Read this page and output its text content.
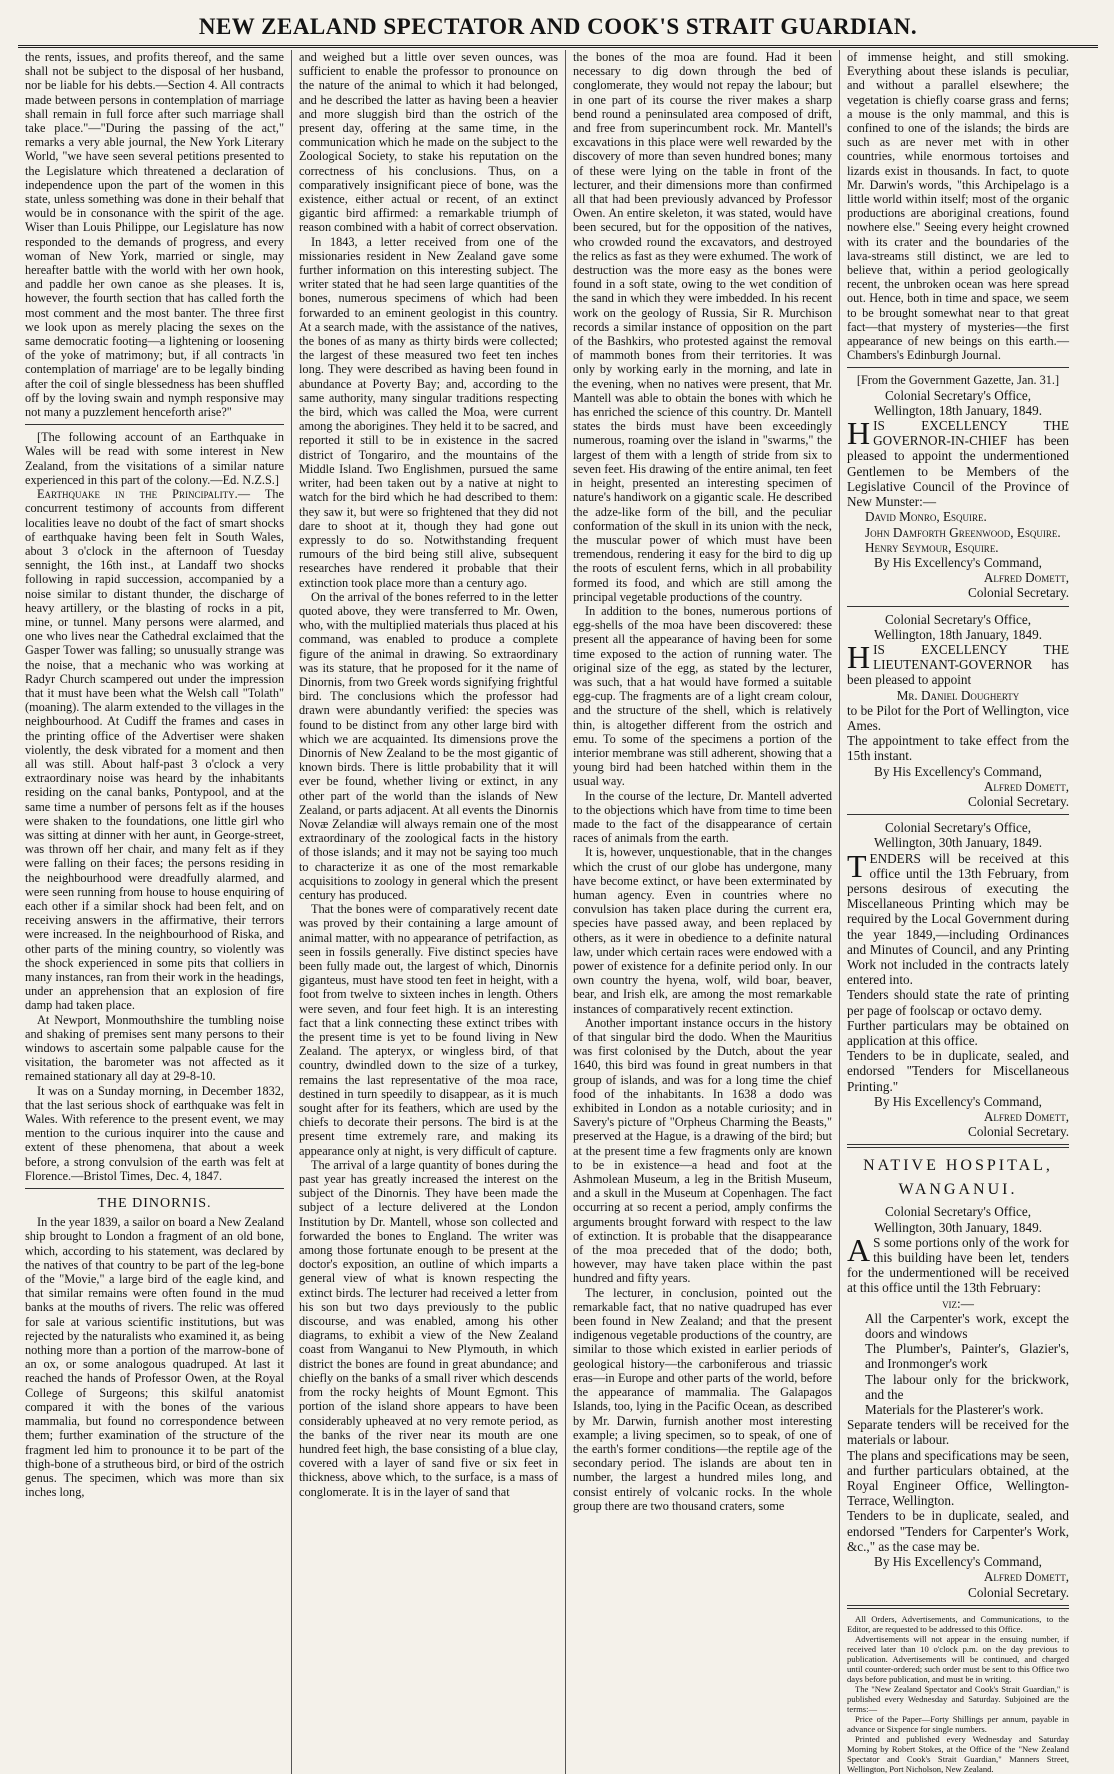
NEW ZEALAND SPECTATOR AND COOK'S STRAIT GUARDIAN.

the rents, issues, and profits thereof, and the same shall not be subject to the disposal of her husband, nor be liable for his debts.—Section 4. All contracts made between persons in contemplation of marriage shall remain in full force after such marriage shall take place."—"During the passing of the act," remarks a very able journal, the New York Literary World, "we have seen several petitions presented to the Legislature which threatened a declaration of independence upon the part of the women in this state, unless something was done in their behalf that would be in consonance with the spirit of the age. Wiser than Louis Philippe, our Legislature has now responded to the demands of progress, and every woman of New York, married or single, may hereafter battle with the world with her own hook, and paddle her own canoe as she pleases. It is, however, the fourth section that has called forth the most comment and the most banter. The three first we look upon as merely placing the sexes on the same democratic footing—a lightening or loosening of the yoke of matrimony; but, if all contracts 'in contemplation of marriage' are to be legally binding after the coil of single blessedness has been shuffled off by the loving swain and nymph responsive may not many a puzzlement henceforth arise?"

[The following account of an Earthquake in Wales will be read with some interest in New Zealand, from the visitations of a similar nature experienced in this part of the colony.—Ed. N.Z.S.]

Earthquake in the Principality.— The concurrent testimony of accounts from different localities leave no doubt of the fact of smart shocks of earthquake having been felt in South Wales, about 3 o'clock in the afternoon of Tuesday sennight, the 16th inst., at Landaff two shocks following in rapid succession, accompanied by a noise similar to distant thunder, the discharge of heavy artillery, or the blasting of rocks in a pit, mine, or tunnel. Many persons were alarmed, and one who lives near the Cathedral exclaimed that the Gasper Tower was falling; so unusually strange was the noise, that a mechanic who was working at Radyr Church scampered out under the impression that it must have been what the Welsh call "Tolath" (moaning). The alarm extended to the villages in the neighbourhood. At Cudiff the frames and cases in the printing office of the Advertiser were shaken violently, the desk vibrated for a moment and then all was still. About half-past 3 o'clock a very extraordinary noise was heard by the inhabitants residing on the canal banks, Pontypool, and at the same time a number of persons felt as if the houses were shaken to the foundations, one little girl who was sitting at dinner with her aunt, in George-street, was thrown off her chair, and many felt as if they were falling on their faces; the persons residing in the neighbourhood were dreadfully alarmed, and were seen running from house to house enquiring of each other if a similar shock had been felt, and on receiving answers in the affirmative, their terrors were increased. In the neighbourhood of Riska, and other parts of the mining country, so violently was the shock experienced in some pits that colliers in many instances, ran from their work in the headings, under an apprehension that an explosion of fire damp had taken place.

At Newport, Monmouthshire the tumbling noise and shaking of premises sent many persons to their windows to ascertain some palpable cause for the visitation, the barometer was not affected as it remained stationary all day at 29-8-10.

It was on a Sunday morning, in December 1832, that the last serious shock of earthquake was felt in Wales. With reference to the present event, we may mention to the curious inquirer into the cause and extent of these phenomena, that about a week before, a strong convulsion of the earth was felt at Florence.—Bristol Times, Dec. 4, 1847.

THE DINORNIS.

In the year 1839, a sailor on board a New Zealand ship brought to London a fragment of an old bone, which, according to his statement, was declared by the natives of that country to be part of the leg-bone of the "Movie," a large bird of the eagle kind, and that similar remains were often found in the mud banks at the mouths of rivers. The relic was offered for sale at various scientific institutions, but was rejected by the naturalists who examined it, as being nothing more than a portion of the marrow-bone of an ox, or some analogous quadruped. At last it reached the hands of Professor Owen, at the Royal College of Surgeons; this skilful anatomist compared it with the bones of the various mammalia, but found no correspondence between them; further examination of the structure of the fragment led him to pronounce it to be part of the thigh-bone of a strutheous bird, or bird of the ostrich genus. The specimen, which was more than six inches long,

and weighed but a little over seven ounces, was sufficient to enable the professor to pronounce on the nature of the animal to which it had belonged, and he described the latter as having been a heavier and more sluggish bird than the ostrich of the present day, offering at the same time, in the communication which he made on the subject to the Zoological Society, to stake his reputation on the correctness of his conclusions. Thus, on a comparatively insignificant piece of bone, was the existence, either actual or recent, of an extinct gigantic bird affirmed: a remarkable triumph of reason combined with a habit of correct observation.

In 1843, a letter received from one of the missionaries resident in New Zealand gave some further information on this interesting subject. The writer stated that he had seen large quantities of the bones, numerous specimens of which had been forwarded to an eminent geologist in this country. At a search made, with the assistance of the natives, the bones of as many as thirty birds were collected; the largest of these measured two feet ten inches long. They were described as having been found in abundance at Poverty Bay; and, according to the same authority, many singular traditions respecting the bird, which was called the Moa, were current among the aborigines. They held it to be sacred, and reported it still to be in existence in the sacred district of Tongariro, and the mountains of the Middle Island. Two Englishmen, pursued the same writer, had been taken out by a native at night to watch for the bird which he had described to them: they saw it, but were so frightened that they did not dare to shoot at it, though they had gone out expressly to do so. Notwithstanding frequent rumours of the bird being still alive, subsequent researches have rendered it probable that their extinction took place more than a century ago.

On the arrival of the bones referred to in the letter quoted above, they were transferred to Mr. Owen, who, with the multiplied materials thus placed at his command, was enabled to produce a complete figure of the animal in drawing. So extraordinary was its stature, that he proposed for it the name of Dinornis, from two Greek words signifying frightful bird. The conclusions which the professor had drawn were abundantly verified: the species was found to be distinct from any other large bird with which we are acquainted. Its dimensions prove the Dinornis of New Zealand to be the most gigantic of known birds. There is little probability that it will ever be found, whether living or extinct, in any other part of the world than the islands of New Zealand, or parts adjacent. At all events the Dinornis Novæ Zelandiæ will always remain one of the most extraordinary of the zoological facts in the history of those islands; and it may not be saying too much to characterize it as one of the most remarkable acquisitions to zoology in general which the present century has produced.

That the bones were of comparatively recent date was proved by their containing a large amount of animal matter, with no appearance of petrifaction, as seen in fossils generally. Five distinct species have been fully made out, the largest of which, Dinornis giganteus, must have stood ten feet in height, with a foot from twelve to sixteen inches in length. Others were seven, and four feet high. It is an interesting fact that a link connecting these extinct tribes with the present time is yet to be found living in New Zealand. The apteryx, or wingless bird, of that country, dwindled down to the size of a turkey, remains the last representative of the moa race, destined in turn speedily to disappear, as it is much sought after for its feathers, which are used by the chiefs to decorate their persons. The bird is at the present time extremely rare, and making its appearance only at night, is very difficult of capture.

The arrival of a large quantity of bones during the past year has greatly increased the interest on the subject of the Dinornis. They have been made the subject of a lecture delivered at the London Institution by Dr. Mantell, whose son collected and forwarded the bones to England. The writer was among those fortunate enough to be present at the doctor's exposition, an outline of which imparts a general view of what is known respecting the extinct birds. The lecturer had received a letter from his son but two days previously to the public discourse, and was enabled, among his other diagrams, to exhibit a view of the New Zealand coast from Wanganui to New Plymouth, in which district the bones are found in great abundance; and chiefly on the banks of a small river which descends from the rocky heights of Mount Egmont. This portion of the island shore appears to have been considerably upheaved at no very remote period, as the banks of the river near its mouth are one hundred feet high, the base consisting of a blue clay, covered with a layer of sand five or six feet in thickness, above which, to the surface, is a mass of conglomerate. It is in the layer of sand that

the bones of the moa are found. Had it been necessary to dig down through the bed of conglomerate, they would not repay the labour; but in one part of its course the river makes a sharp bend round a peninsulated area composed of drift, and free from superincumbent rock. Mr. Mantell's excavations in this place were well rewarded by the discovery of more than seven hundred bones; many of these were lying on the table in front of the lecturer, and their dimensions more than confirmed all that had been previously advanced by Professor Owen. An entire skeleton, it was stated, would have been secured, but for the opposition of the natives, who crowded round the excavators, and destroyed the relics as fast as they were exhumed. The work of destruction was the more easy as the bones were found in a soft state, owing to the wet condition of the sand in which they were imbedded. In his recent work on the geology of Russia, Sir R. Murchison records a similar instance of opposition on the part of the Bashkirs, who protested against the removal of mammoth bones from their territories. It was only by working early in the morning, and late in the evening, when no natives were present, that Mr. Mantell was able to obtain the bones with which he has enriched the science of this country. Dr. Mantell states the birds must have been exceedingly numerous, roaming over the island in "swarms," the largest of them with a length of stride from six to seven feet. His drawing of the entire animal, ten feet in height, presented an interesting specimen of nature's handiwork on a gigantic scale. He described the adze-like form of the bill, and the peculiar conformation of the skull in its union with the neck, the muscular power of which must have been tremendous, rendering it easy for the bird to dig up the roots of esculent ferns, which in all probability formed its food, and which are still among the principal vegetable productions of the country.

In addition to the bones, numerous portions of egg-shells of the moa have been discovered: these present all the appearance of having been for some time exposed to the action of running water. The original size of the egg, as stated by the lecturer, was such, that a hat would have formed a suitable egg-cup. The fragments are of a light cream colour, and the structure of the shell, which is relatively thin, is altogether different from the ostrich and emu. To some of the specimens a portion of the interior membrane was still adherent, showing that a young bird had been hatched within them in the usual way.

In the course of the lecture, Dr. Mantell adverted to the objections which have from time to time been made to the fact of the disappearance of certain races of animals from the earth.

It is, however, unquestionable, that in the changes which the crust of our globe has undergone, many have become extinct, or have been exterminated by human agency. Even in countries where no convulsion has taken place during the current era, species have passed away, and been replaced by others, as it were in obedience to a definite natural law, under which certain races were endowed with a power of existence for a definite period only. In our own country the hyena, wolf, wild boar, beaver, bear, and Irish elk, are among the most remarkable instances of comparatively recent extinction.

Another important instance occurs in the history of that singular bird the dodo. When the Mauritius was first colonised by the Dutch, about the year 1640, this bird was found in great numbers in that group of islands, and was for a long time the chief food of the inhabitants. In 1638 a dodo was exhibited in London as a notable curiosity; and in Savery's picture of "Orpheus Charming the Beasts," preserved at the Hague, is a drawing of the bird; but at the present time a few fragments only are known to be in existence—a head and foot at the Ashmolean Museum, a leg in the British Museum, and a skull in the Museum at Copenhagen. The fact occurring at so recent a period, amply confirms the arguments brought forward with respect to the law of extinction. It is probable that the disappearance of the moa preceded that of the dodo; both, however, may have taken place within the past hundred and fifty years.

The lecturer, in conclusion, pointed out the remarkable fact, that no native quadruped has ever been found in New Zealand; and that the present indigenous vegetable productions of the country, are similar to those which existed in earlier periods of geological history—the carboniferous and triassic eras—in Europe and other parts of the world, before the appearance of mammalia. The Galapagos Islands, too, lying in the Pacific Ocean, as described by Mr. Darwin, furnish another most interesting example; a living specimen, so to speak, of one of the earth's former conditions—the reptile age of the secondary period. The islands are about ten in number, the largest a hundred miles long, and consist entirely of volcanic rocks. In the whole group there are two thousand craters, some

of immense height, and still smoking. Everything about these islands is peculiar, and without a parallel elsewhere; the vegetation is chiefly coarse grass and ferns; a mouse is the only mammal, and this is confined to one of the islands; the birds are such as are never met with in other countries, while enormous tortoises and lizards exist in thousands. In fact, to quote Mr. Darwin's words, "this Archipelago is a little world within itself; most of the organic productions are aboriginal creations, found nowhere else." Seeing every height crowned with its crater and the boundaries of the lava-streams still distinct, we are led to believe that, within a period geologically recent, the unbroken ocean was here spread out. Hence, both in time and space, we seem to be brought somewhat near to that great fact—that mystery of mysteries—the first appearance of new beings on this earth.—Chambers's Edinburgh Journal.

[From the Government Gazette, Jan. 31.]

Colonial Secretary's Office,

Wellington, 18th January, 1849.

HIS EXCELLENCY THE GOVERNOR-IN-CHIEF has been pleased to appoint the undermentioned Gentlemen to be Members of the Legislative Council of the Province of New Munster:—

David Monro, Esquire.

John Damforth Greenwood, Esquire.

Henry Seymour, Esquire.

By His Excellency's Command,

Alfred Domett,

Colonial Secretary.

Colonial Secretary's Office,

Wellington, 18th January, 1849.

HIS EXCELLENCY THE LIEUTENANT-GOVERNOR has been pleased to appoint

Mr. Daniel Dougherty

to be Pilot for the Port of Wellington, vice Ames.

The appointment to take effect from the 15th instant.

By His Excellency's Command,

Alfred Domett,

Colonial Secretary.

Colonial Secretary's Office,

Wellington, 30th January, 1849.

TENDERS will be received at this office until the 13th February, from persons desirous of executing the Miscellaneous Printing which may be required by the Local Government during the year 1849,—including Ordinances and Minutes of Council, and any Printing Work not included in the contracts lately entered into.

Tenders should state the rate of printing per page of foolscap or octavo demy.

Further particulars may be obtained on application at this office.

Tenders to be in duplicate, sealed, and endorsed "Tenders for Miscellaneous Printing."

By His Excellency's Command,

Alfred Domett,

Colonial Secretary.

NATIVE HOSPITAL,
WANGANUI.

Colonial Secretary's Office,

Wellington, 30th January, 1849.

A S some portions only of the work for this building have been let, tenders for the undermentioned will be received at this office until the 13th February:

viz:—

All the Carpenter's work, except the doors and windows

The Plumber's, Painter's, Glazier's, and Ironmonger's work

The labour only for the brickwork, and the

Materials for the Plasterer's work.

Separate tenders will be received for the materials or labour.

The plans and specifications may be seen, and further particulars obtained, at the Royal Engineer Office, Wellington-Terrace, Wellington.

Tenders to be in duplicate, sealed, and endorsed "Tenders for Carpenter's Work, &c.," as the case may be.

By His Excellency's Command,

Alfred Domett,

Colonial Secretary.

All Orders, Advertisements, and Communications, to the Editor, are requested to be addressed to this Office.

Advertisements will not appear in the ensuing number, if received later than 10 o'clock p.m. on the day previous to publication. Advertisements will be continued, and charged until counter-ordered; such order must be sent to this Office two days before publication, and must be in writing.

The "New Zealand Spectator and Cook's Strait Guardian," is published every Wednesday and Saturday. Subjoined are the terms:—

Price of the Paper—Forty Shillings per annum, payable in advance or Sixpence for single numbers.

Printed and published every Wednesday and Saturday Morning by Robert Stokes, at the Office of the "New Zealand Spectator and Cook's Strait Guardian," Manners Street, Wellington, Port Nicholson, New Zealand.
